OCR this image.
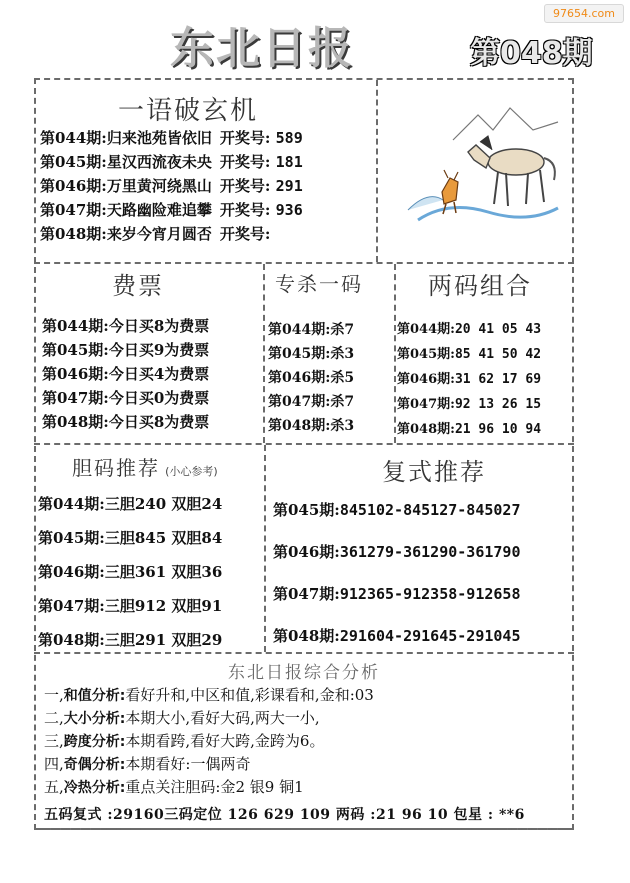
97654.com
东北日报	第048期
一语破玄机
第044期:归来池苑皆依旧 开奖号: 589
第045期:星汉西流夜未央 开奖号: 181
第046期:万里黄河绕黑山 开奖号: 291
第047期:天路幽险难追攀 开奖号: 936
第048期:来岁今宵月圆否 开奖号:
费票
第044期:今日买8为费票
第045期:今日买9为费票
第046期:今日买4为费票
第047期:今日买0为费票
第048期:今日买8为费票
专杀一码
第044期:杀7
第045期:杀3
第046期:杀5
第047期:杀7
第048期:杀3
两码组合
第044期:20 41 05 43
第045期:85 41 50 42
第046期:31 62 17 69
第047期:92 13 26 15
第048期:21 96 10 94
胆码推荐 (小心参考)
第044期:三胆240 双胆24
第045期:三胆845 双胆84
第046期:三胆361 双胆36
第047期:三胆912 双胆91
第048期:三胆291 双胆29
复式推荐
第045期:845102-845127-845027
第046期:361279-361290-361790
第047期:912365-912358-912658
第048期:291604-291645-291045
东北日报综合分析
一,和值分析:看好升和,中区和值,彩课看和,金和:03
二,大小分析:本期大小,看好大码,两大一小,
三,跨度分析:本期看跨,看好大跨,金跨为6。
四,奇偶分析:本期看好:一偶两奇
五,冷热分析:重点关注胆码:金2 银9 铜1
五码复式 :29160三码定位 126 629 109 两码 :21 96 10 包星 : **6
